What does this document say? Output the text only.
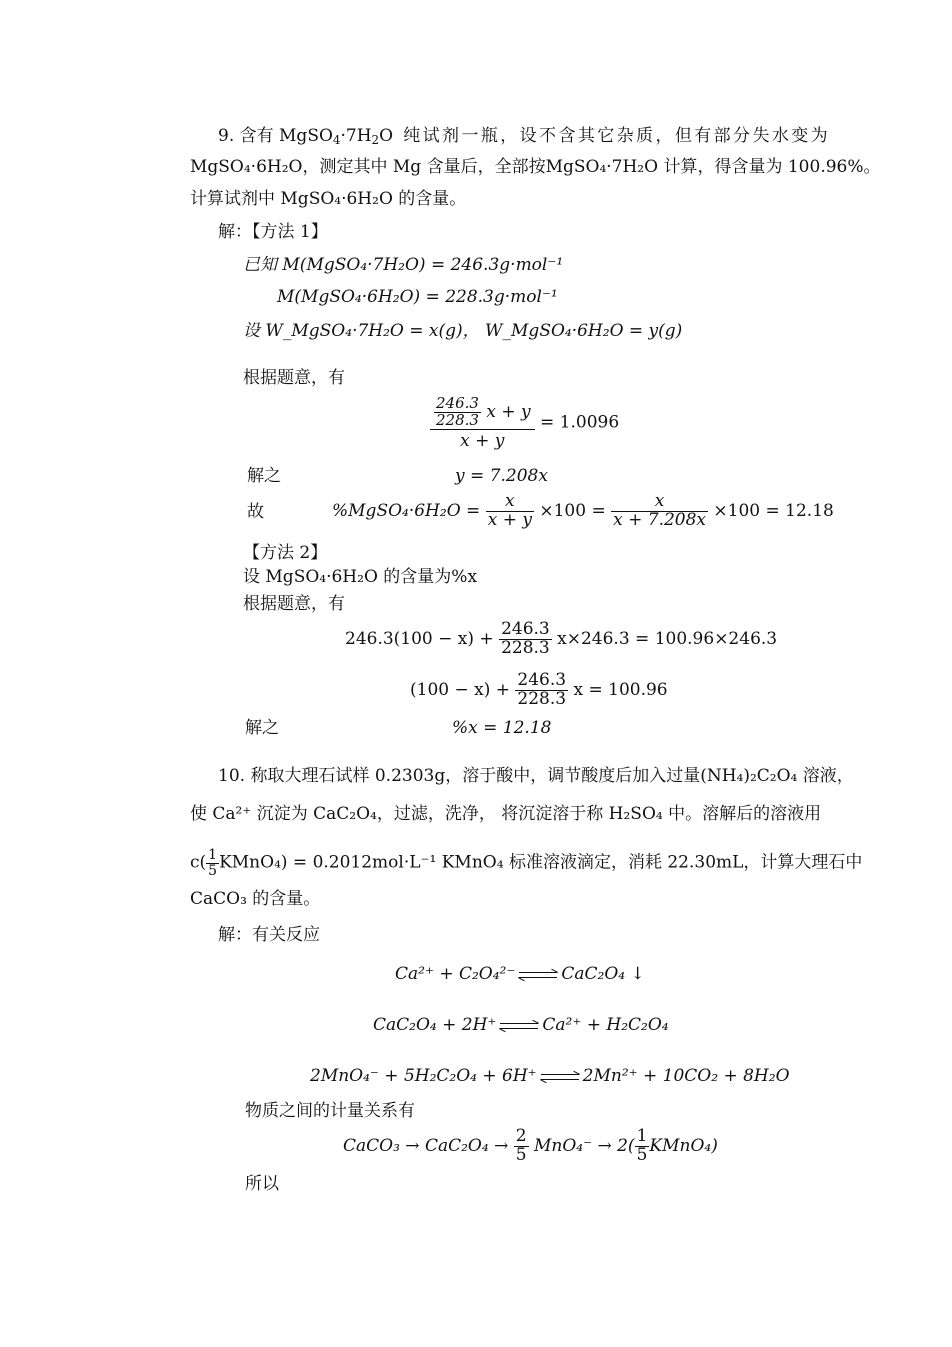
9. 含有 $MgSO_4\cdot 7H_2O$ 纯试剂一瓶，设不含其它杂质，但有部分失水变为
MgSO₄·6H₂O，测定其中 Mg 含量后，全部按MgSO₄·7H₂O 计算，得含量为 100.96%。
计算试剂中 MgSO₄·6H₂O 的含量。
解：【方法 1】
已知 M(MgSO₄·7H₂O) = 246.3g·mol⁻¹
M(MgSO₄·6H₂O) = 228.3g·mol⁻¹
设 W_MgSO₄·7H₂O = x(g)， W_MgSO₄·6H₂O = y(g)
根据题意，有
$\frac{\frac{246.3}{228.3} x + y}{x + y} = 1.0096$
解之	y = 7.208x
故	%MgSO₄·6H₂O = $\frac{x}{x + y} \times 100 = \frac{x}{x + 7.208x} \times 100 = 12.18$
【方法 2】
设 MgSO₄·6H₂O 的含量为%x
根据题意，有
$246.3(100 - x) + \frac{246.3}{228.3} x\times 246.3 = 100.96\times 246.3$
$(100 - x) + \frac{246.3}{228.3}$ x = 100.96
解之	%x = 12.18
10. 称取大理石试样 0.2303g，溶于酸中，调节酸度后加入过量(NH₄)₂C₂O₄ 溶液，
使 Ca²⁺ 沉淀为 CaC₂O₄，过滤，洗净， 将沉淀溶于称 H₂SO₄ 中。溶解后的溶液用
$c( \frac{1}{5}$ KMnO₄) = 0.2012mol·L⁻¹ KMnO₄ 标准溶液滴定，消耗 22.30mL，计算大理石中
CaCO₃ 的含量。
解：有关反应
Ca²⁺ + C₂O₄²⁻	CaC₂O₄ ↓
CaC₂O₄ + 2H⁺	Ca²⁺ + H₂C₂O₄
2MnO₄⁻ + 5H₂C₂O₄ + 6H⁺	2Mn²⁺ + 10CO₂ + 8H₂O
物质之间的计量关系有
CaCO₃ → $CaC_2O_4 \to \frac{2}{5} MnO_4^- \to 2( \frac{1}{5}$ KMnO₄)
所以
